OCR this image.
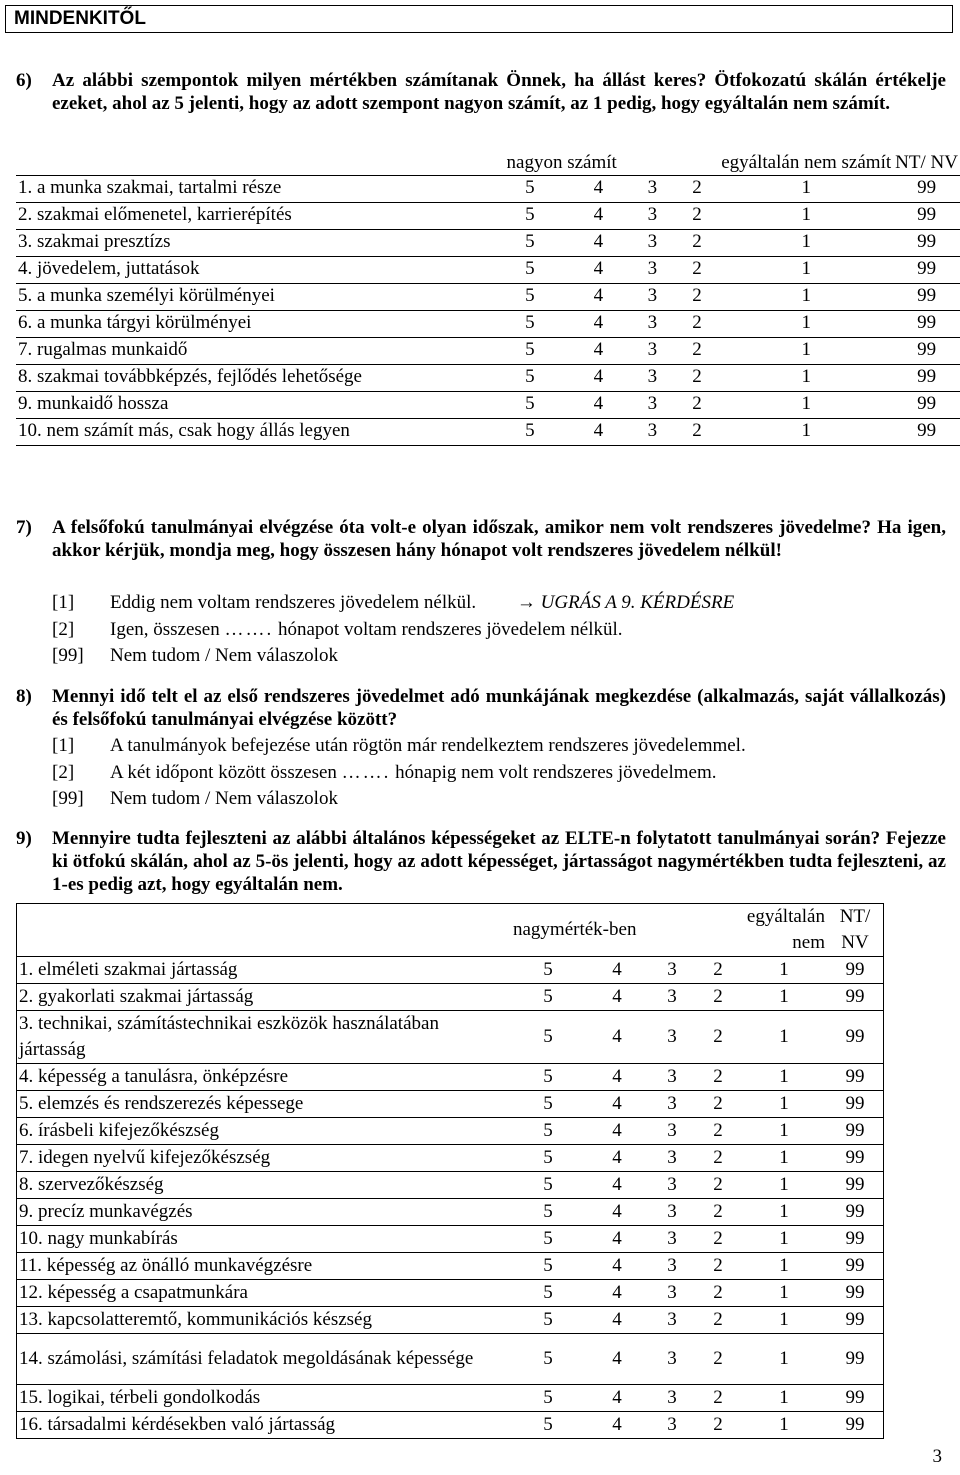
MINDENKITŐL
6) Az alábbi szempontok milyen mértékben számítanak Önnek, ha állást keres? Ötfokozatú skálán értékelje ezeket, ahol az 5 jelenti, hogy az adott szempont nagyon számít, az 1 pedig, hogy egyáltalán nem számít.
	nagyon számít				egyáltalán nem számít	NT/ NV
1. a munka szakmai, tartalmi része	5	4	3	2	1	99
2. szakmai előmenetel, karrierépítés	5	4	3	2	1	99
3. szakmai presztízs	5	4	3	2	1	99
4. jövedelem, juttatások	5	4	3	2	1	99
5. a munka személyi körülményei	5	4	3	2	1	99
6. a munka tárgyi körülményei	5	4	3	2	1	99
7. rugalmas munkaidő	5	4	3	2	1	99
8. szakmai továbbképzés, fejlődés lehetősége	5	4	3	2	1	99
9. munkaidő hossza	5	4	3	2	1	99
10. nem számít más, csak hogy állás legyen	5	4	3	2	1	99
7) A felsőfokú tanulmányai elvégzése óta volt-e olyan időszak, amikor nem volt rendszeres jövedelme? Ha igen, akkor kérjük, mondja meg, hogy összesen hány hónapot volt rendszeres jövedelem nélkül!
[1] Eddig nem voltam rendszeres jövedelem nélkül. → UGRÁS A 9. KÉRDÉSRE
[2] Igen, összesen ……. hónapot voltam rendszeres jövedelem nélkül.
[99] Nem tudom / Nem válaszolok
8) Mennyi idő telt el az első rendszeres jövedelmet adó munkájának megkezdése (alkalmazás, saját vállalkozás) és felsőfokú tanulmányai elvégzése között?
[1] A tanulmányok befejezése után rögtön már rendelkeztem rendszeres jövedelemmel.
[2] A két időpont között összesen ……. hónapig nem volt rendszeres jövedelmem.
[99] Nem tudom / Nem válaszolok
9) Mennyire tudta fejleszteni az alábbi általános képességeket az ELTE-n folytatott tanulmányai során? Fejezze ki ötfokú skálán, ahol az 5-ös jelenti, hogy az adott képességet, jártasságot nagymértékben tudta fejleszteni, az 1-es pedig azt, hogy egyáltalán nem.
	nagymérték-ben				egyáltalán nem	NT/ NV
1. elméleti szakmai jártasság	5	4	3	2	1	99
2. gyakorlati szakmai jártasság	5	4	3	2	1	99
3. technikai, számítástechnikai eszközök használatában jártasság	5	4	3	2	1	99
4. képesség a tanulásra, önképzésre	5	4	3	2	1	99
5. elemzés és rendszerezés képessege	5	4	3	2	1	99
6. írásbeli kifejezőkészség	5	4	3	2	1	99
7. idegen nyelvű kifejezőkészség	5	4	3	2	1	99
8. szervezőkészség	5	4	3	2	1	99
9. precíz munkavégzés	5	4	3	2	1	99
10. nagy munkabírás	5	4	3	2	1	99
11. képesség az önálló munkavégzésre	5	4	3	2	1	99
12. képesség a csapatmunkára	5	4	3	2	1	99
13. kapcsolatteremtő, kommunikációs készség	5	4	3	2	1	99
14. számolási, számítási feladatok megoldásának képessége	5	4	3	2	1	99
15. logikai, térbeli gondolkodás	5	4	3	2	1	99
16. társadalmi kérdésekben való jártasság	5	4	3	2	1	99
3
